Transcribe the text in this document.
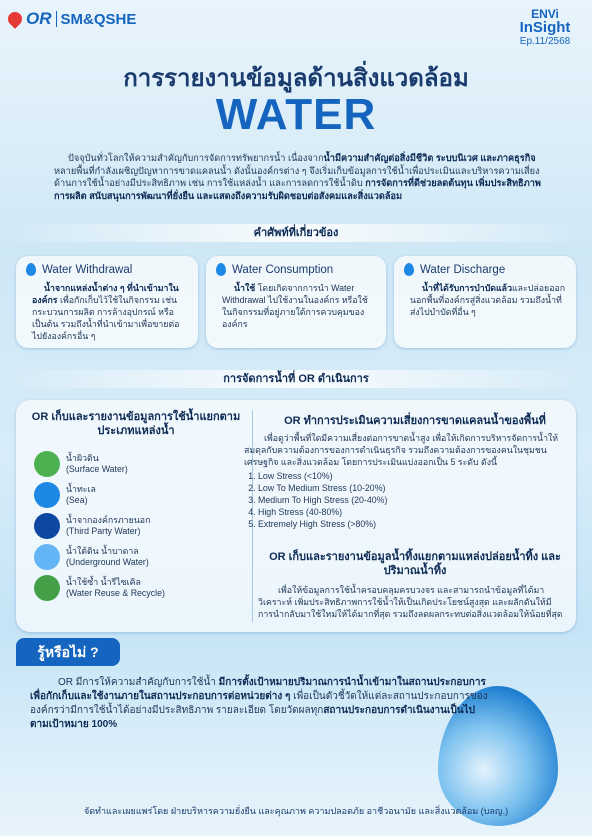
OR SM&QSHE	ENVi
InSight
Ep.11/2568
การรายงานข้อมูลด้านสิ่งแวดล้อม
WATER
ปัจจุบันทั่วโลกให้ความสำคัญกับการจัดการทรัพยากรน้ำ เนื่องจากน้ำมีความสำคัญต่อสิ่งมีชีวิต ระบบนิเวศ และภาคธุรกิจ หลายพื้นที่กำลังเผชิญปัญหาการขาดแคลนน้ำ ดังนั้นองค์กรต่าง ๆ จึงเริ่มเก็บข้อมูลการใช้น้ำเพื่อประเมินและบริหารความเสี่ยงด้านการใช้น้ำอย่างมีประสิทธิภาพ เช่น การใช้แหล่งน้ำ และการลดการใช้น้ำดิบ การจัดการที่ดีช่วยลดต้นทุน เพิ่มประสิทธิภาพการผลิต สนับสนุนการพัฒนาที่ยั่งยืน และแสดงถึงความรับผิดชอบต่อสังคมและสิ่งแวดล้อม
คำศัพท์ที่เกี่ยวข้อง
Water Withdrawal
น้ำจากแหล่งน้ำต่าง ๆ ที่นำเข้ามาในองค์กร เพื่อกักเก็บไว้ใช้ในกิจกรรม เช่น กระบวนการผลิต การล้างอุปกรณ์ หรือเป็นต้น รวมถึงน้ำที่นำเข้ามาเพื่อขายต่อไปยังองค์กรอื่น ๆ
Water Consumption
น้ำใช้ โดยเกิดจากการนำ Water Withdrawal ไปใช้งานในองค์กร หรือใช้ในกิจกรรมที่อยู่ภายใต้การควบคุมขององค์กร
Water Discharge
น้ำที่ได้รับการบำบัดแล้วและปล่อยออกนอกพื้นที่องค์กรสู่สิ่งแวดล้อม รวมถึงน้ำที่ส่งไปบำบัดที่อื่น ๆ
การจัดการน้ำที่ OR ดำเนินการ
OR เก็บและรายงานข้อมูลการใช้น้ำแยกตามประเภทแหล่งน้ำ
น้ำผิวดิน
(Surface Water)
น้ำทะเล
(Sea)
น้ำจากองค์กรภายนอก
(Third Party Water)
น้ำใต้ดิน น้ำบาดาล
(Underground Water)
น้ำใช้ซ้ำ น้ำรีไซเคิล
(Water Reuse & Recycle)
OR ทำการประเมินความเสี่ยงการขาดแคลนน้ำของพื้นที่
เพื่อดูว่าพื้นที่ใดมีความเสี่ยงต่อการขาดน้ำสูง เพื่อให้เกิดการบริหารจัดการน้ำให้สมดุลกับความต้องการของการดำเนินธุรกิจ รวมถึงความต้องการของคนในชุมชน เศรษฐกิจ และสิ่งแวดล้อม โดยการประเมินแบ่งออกเป็น 5 ระดับ ดังนี้
1. Low Stress (<10%)
2. Low To Medium Stress (10-20%)
3. Medium To High Stress (20-40%)
4. High Stress (40-80%)
5. Extremely High Stress (>80%)
OR เก็บและรายงานข้อมูลน้ำทิ้งแยกตามแหล่งปล่อยน้ำทิ้ง และปริมาณน้ำทิ้ง
เพื่อให้ข้อมูลการใช้น้ำครอบคลุมครบวงจร และสามารถนำข้อมูลที่ได้มาวิเคราะห์ เพิ่มประสิทธิภาพการใช้น้ำให้เป็นเกิดประโยชน์สูงสุด และผลักดันให้มีการนำกลับมาใช้ใหม่ให้ได้มากที่สุด รวมถึงลดผลกระทบต่อสิ่งแวดล้อมให้น้อยที่สุด
รู้หรือไม่ ?
OR มีการให้ความสำคัญกับการใช้น้ำ มีการตั้งเป้าหมายปริมาณการนำน้ำเข้ามาในสถานประกอบการเพื่อกักเก็บและใช้งานภายในสถานประกอบการต่อหน่วยต่าง ๆ เพื่อเป็นตัวชี้วัดให้แต่ละสถานประกอบการขององค์กรว่ามีการใช้น้ำได้อย่างมีประสิทธิภาพ รายละเอียด โดยวัดผลทุกสถานประกอบการดำเนินงานเป็นไปตามเป้าหมาย 100%
จัดทำและเผยแพร่โดย ฝ่ายบริหารความยั่งยืน และคุณภาพ ความปลอดภัย อาชีวอนามัย และสิ่งแวดล้อม (บลญ.)
